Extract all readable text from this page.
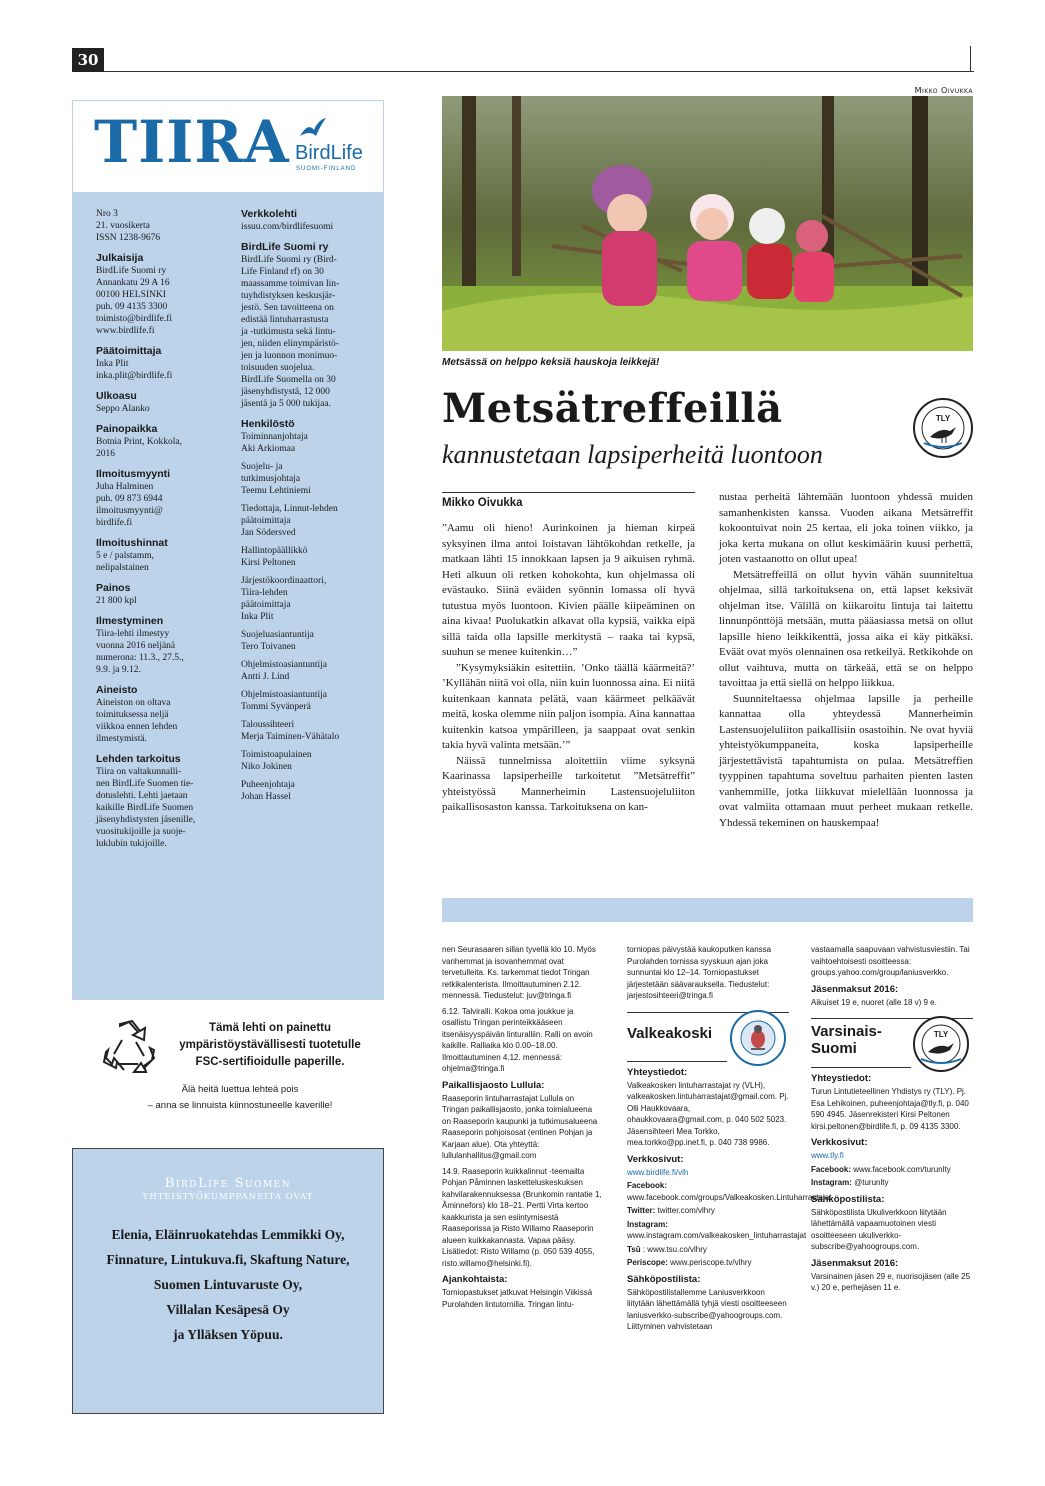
30
Mikko Oivukka
TIIRA BirdLife
SUOMI-FINLAND
Nro 3
21. vuosikerta
ISSN 1238-9676
Julkaisija
BirdLife Suomi ry
Annankatu 29 A 16
00100 HELSINKI
puh. 09 4135 3300
toimisto@birdlife.fi
www.birdlife.fi
Päätoimittaja
Inka Plit
inka.plit@birdlife.fi
Ulkoasu
Seppo Alanko
Painopaikka
Botnia Print, Kokkola,
2016
Ilmoitusmyynti
Juha Halminen
puh. 09 873 6944
ilmoitusmyynti@
birdlife.fi
Ilmoitushinnat
5 e / palstamm,
nelipalstainen
Painos
21 800 kpl
Ilmestyminen
Tiira-lehti ilmestyy
vuonna 2016 neljänä
numerona: 11.3., 27.5.,
9.9. ja 9.12.
Aineisto
Aineiston on oltava
toimituksessa neljä
viikkoa ennen lehden
ilmestymistä.
Lehden tarkoitus
Tiira on valtakunnalli-
nen BirdLife Suomen tie-
dotuslehti. Lehti jaetaan
kaikille BirdLife Suomen
jäsenyhdistysten jäsenille,
vuositukijoille ja suoje-
luklubin tukijoille.
Verkkolehti
issuu.com/birdlifesuomi
BirdLife Suomi ry
BirdLife Suomi ry (Bird-
Life Finland rf) on 30
maassamme toimivan lin-
tuyhdistyksen keskusjär-
jestö. Sen tavoitteena on
edistää lintuharrastusta
ja -tutkimusta sekä lintu-
jen, niiden elinympäristö-
jen ja luonnon monimuo-
toisuuden suojelua.
BirdLife Suomella on 30
jäsenyhdistystä, 12 000
jäsentä ja 5 000 tukijaa.
Henkilöstö
Toiminnanjohtaja
Aki Arkiomaa
Suojelu- ja
tutkimusjohtaja
Teemu Lehtiniemi
Tiedottaja, Linnut-lehden
päätoimittaja
Jan Södersved
Hallintopäällikkö
Kirsi Peltonen
Järjestökoordinaattori,
Tiira-lehden
päätoimittaja
Inka Plit
Suojeluasiantuntija
Tero Toivanen
Ohjelmistoasiantuntija
Antti J. Lind
Ohjelmistoasiantuntija
Tommi Syvänperä
Taloussihteeri
Merja Taiminen-Vähätalo
Toimistoapulainen
Niko Jokinen
Puheenjohtaja
Johan Hassel
Tämä lehti on painettu ympäristöystävällisesti tuotetulle FSC-sertifioidulle paperille.
Älä heitä luettua lehteä pois
– anna se linnuista kiinnostuneelle kaverille!
BirdLife Suomen
YHTEISTYÖKUMPPANEITA OVAT
Elenia, Eläinruokatehdas Lemmikki Oy,
Finnature, Lintukuva.fi, Skaftung Nature,
Suomen Lintuvaruste Oy,
Villalan Kesäpesä Oy
ja Ylläksen Yöpuu.
Metsässä on helppo keksiä hauskoja leikkejä!
Metsätreffeillä
kannustetaan lapsiperheitä luontoon
TLY
Mikko Oivukka

”Aamu oli hieno! Aurinkoinen ja hieman kirpeä syksyinen ilma antoi loistavan lähtökohdan retkelle, ja matkaan lähti 15 innokkaan lapsen ja 9 aikuisen ryhmä. Heti alkuun oli retken kohokohta, kun ohjelmassa oli evästauko. Siinä eväiden syönnin lomassa oli hyvä tutustua myös luontoon. Kivien päälle kiipeäminen on aina kivaa! Puolukatkin alkavat olla kypsiä, vaikka eipä sillä taida olla lapsille merkitystä – raaka tai kypsä, suuhun se menee kuitenkin…”

”Kysymyksiäkin esitettiin. ’Onko täällä käärmeitä?’ ’Kyllähän niitä voi olla, niin kuin luonnossa aina. Ei niitä kuitenkaan kannata pelätä, vaan käärmeet pelkäävät meitä, koska olemme niin paljon isompia. Aina kannattaa kuitenkin katsoa ympärilleen, ja saappaat ovat senkin takia hyvä valinta metsään.’”

Näissä tunnelmissa aloitettiin viime syksynä Kaarinassa lapsiperheille tarkoitetut ”Metsätreffit” yhteistyössä Mannerheimin Lastensuojeluliiton paikallisosaston kanssa. Tarkoituksena on kan-

nustaa perheitä lähtemään luontoon yhdessä muiden samanhenkisten kanssa. Vuoden aikana Metsätreffit kokoontuivat noin 25 kertaa, eli joka toinen viikko, ja joka kerta mukana on ollut keskimäärin kuusi perhettä, joten vastaanotto on ollut upea!

Metsätreffeillä on ollut hyvin vähän suunniteltua ohjelmaa, sillä tarkoituksena on, että lapset keksivät ohjelman itse. Välillä on kiikaroitu lintuja tai laitettu linnunpönttöjä metsään, mutta pääasiassa metsä on ollut lapsille hieno leikkikenttä, jossa aika ei käy pitkäksi. Eväät ovat myös olennainen osa retkeilyä. Retkikohde on ollut vaihtuva, mutta on tärkeää, että se on helppo tavoittaa ja että siellä on helppo liikkua.

Suunniteltaessa ohjelmaa lapsille ja perheille kannattaa olla yhteydessä Mannerheimin Lastensuojeluliiton paikallisiin osastoihin. Ne ovat hyviä yhteistyökumppaneita, koska lapsiperheille järjestettävistä tapahtumista on pulaa. Metsätreffien tyyppinen tapahtuma soveltuu parhaiten pienten lasten vanhemmille, jotka liikkuvat mielellään luonnossa ja ovat valmiita ottamaan muut perheet mukaan retkelle. Yhdessä tekeminen on hauskempaa!

nen Seurasaaren sillan tyvellä klo 10. Myös vanhemmat ja isovanhemmat ovat tervetulleita. Ks. tarkemmat tiedot Tringan retkikalenterista. Ilmoittautuminen 2.12. mennessä. Tiedustelut: juv@tringa.fi
6.12. Talviralli. Kokoa oma joukkue ja osallistu Tringan perinteikkääseen itsenäisyyspäivän linturalliin. Ralli on avoin kaikille. Ralliaika klo 0.00–18.00. Ilmoittautuminen 4.12. mennessä: ohjelma@tringa.fi
Paikallisjaosto Lullula:
Raaseporin lintuharrastajat Lullula on Tringan paikallisjaosto, jonka toimialueena on Raaseporin kaupunki ja tutkimusalueena Raaseporin pohjoisosat (entinen Pohjan ja Karjaan alue). Ota yhteyttä: lullulanhallitus@gmail.com
14.9. Raaseporin kuikkalinnut -teemailta Pohjan Påminnen lasketteluskeskuksen kahvilarakennuksessa (Brunkomin rantatie 1, Åminnefors) klo 18–21. Pertti Virta kertoo kaakkurista ja sen esiintymisestä Raaseporissa ja Risto Willamo Raaseporin alueen kuikkakannasta. Vapaa pääsy. Lisätiedot: Risto Willamo (p. 050 539 4055, risto.willamo@helsinki.fi).
Ajankohtaista:
Torniopastukset jatkuvat Helsingin Viikissä Purolahden lintutornilla. Tringan lintu-
torniopas päivystää kaukoputken kanssa Purolahden tornissa syyskuun ajan joka sunnuntai klo 12–14. Torniopastukset järjestetään säävarauksella. Tiedustelut: jarjestosihteeri@tringa.fi
Valkeakoski
Yhteystiedot:
Valkeakosken lintuharrastajat ry (VLH), valkeakosken.lintuharrastajat@gmail.com. Pj. Olli Haukkovaara, ohaukkovaara@gmail.com, p. 040 502 5023. Jäsensihteeri Mea Torkko, mea.torkko@pp.inet.fi, p. 040 738 9986.
Verkkosivut:
www.birdlife.fi/vlh
Facebook: www.facebook.com/groups/Valkeakosken.Lintuharrastajat
Twitter: twitter.com/vlhry
Instagram: www.instagram.com/valkeakosken_lintuharrastajat
Tsū : www.tsu.co/vlhry
Periscope: www.periscope.tv/vlhry
Sähköpostilista:
Sähköpostilistallemme Laniusverkkoon liitytään lähettämällä tyhjä viesti osoitteeseen laniusverkko-subscribe@yahoogroups.com. Liittyminen vahvistetaan
vastaamalla saapuvaan vahvistusviestiin. Tai vaihtoehtoisesti osoitteessa: groups.yahoo.com/group/laniusverkko.
Jäsenmaksut 2016:
Aikuiset 19 e, nuoret (alle 18 v) 9 e.
Varsinais-
Suomi
TLY
Yhteystiedot:
Turun Lintutieteellinen Yhdistys ry (TLY). Pj. Esa Lehikoinen, puheenjohtaja@tly.fi, p. 040 590 4945. Jäsenrekisteri Kirsi Peltonen kirsi.peltonen@birdlife.fi, p. 09 4135 3300.
Verkkosivut:
www.tly.fi
Facebook: www.facebook.com/turunlty
Instagram: @turunlty
Sähköpostilista:
Sähköpostilista Ukuliverkkoon liitytään lähettämällä vapaamuotoinen viesti osoitteeseen ukuliverkko-subscribe@yahoogroups.com.
Jäsenmaksut 2016:
Varsinainen jäsen 29 e, nuorisojäsen (alle 25 v.) 20 e, perhejäsen 11 e.
